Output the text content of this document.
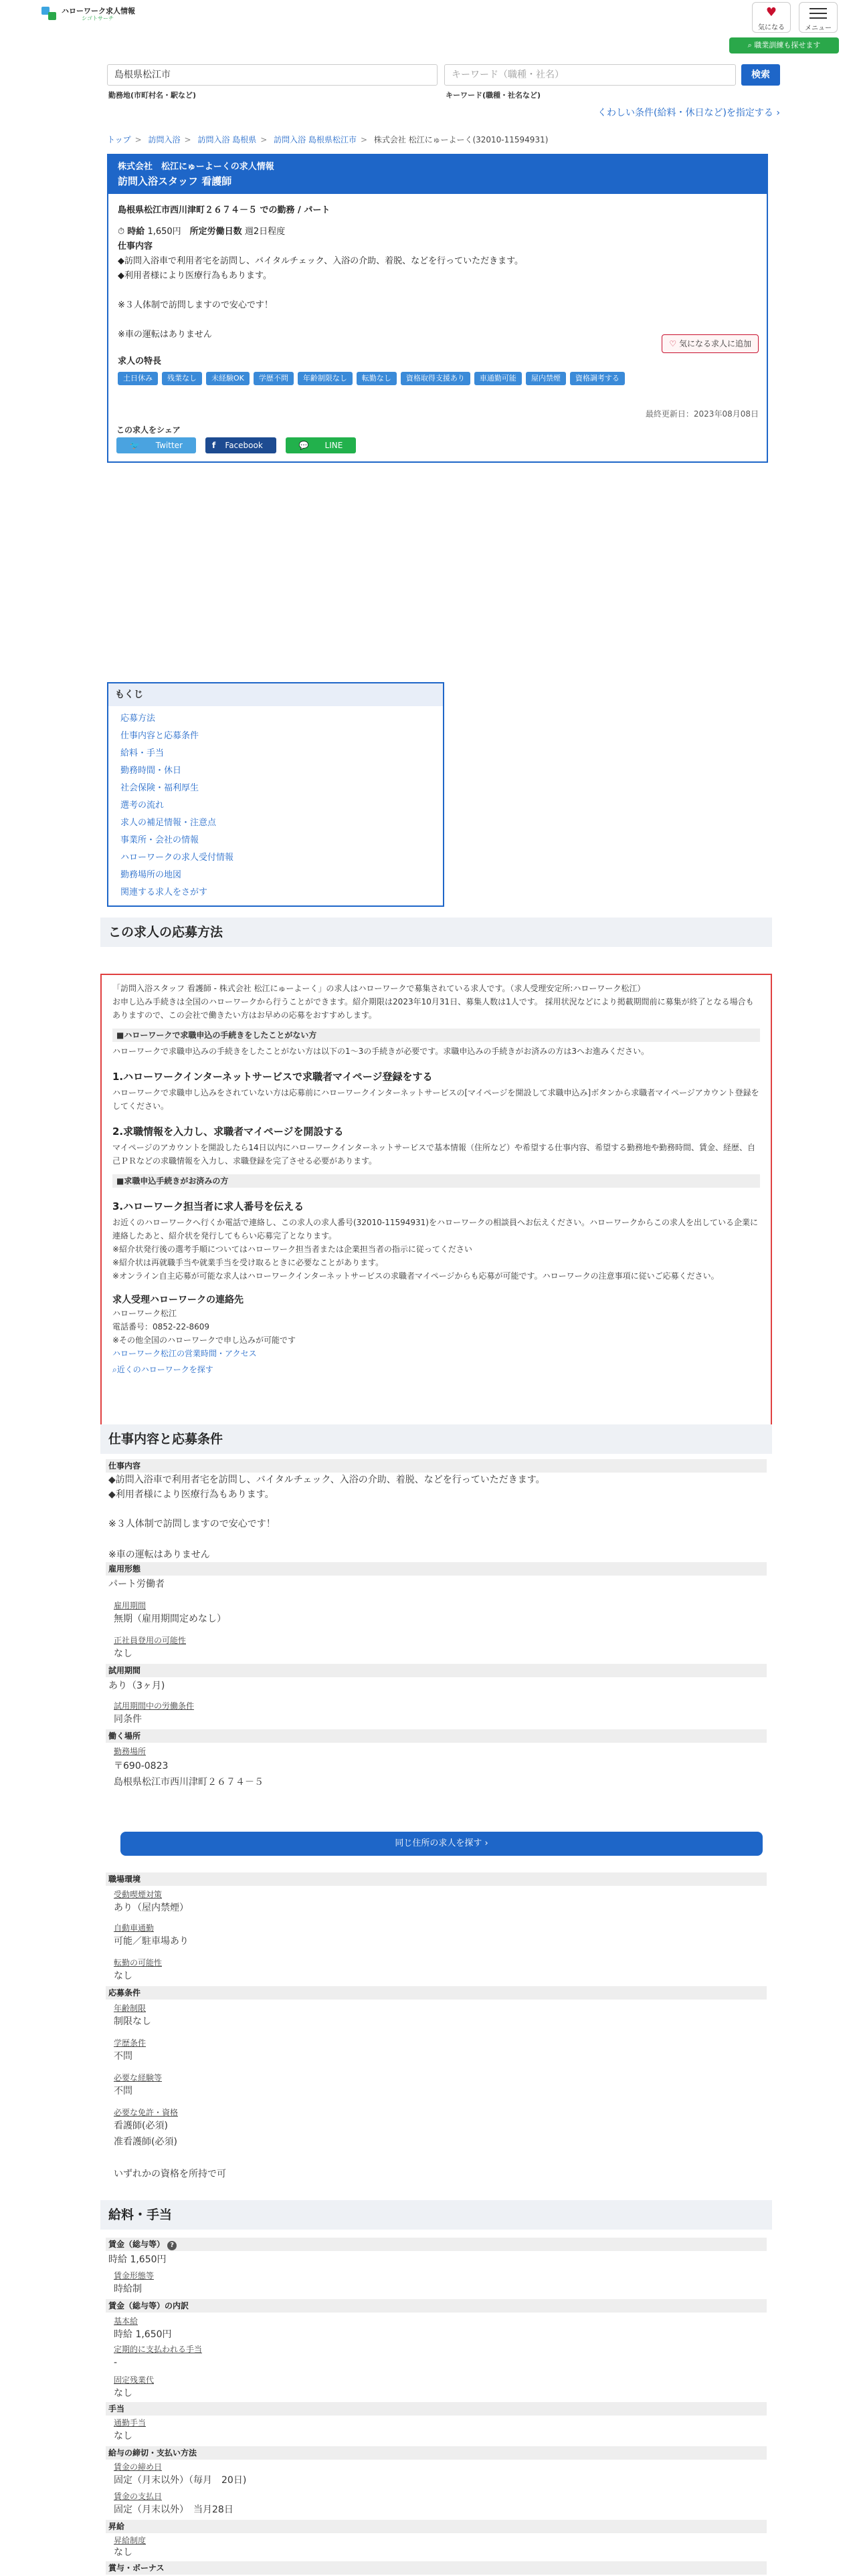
ハローワーク求人情報
シゴトサーチ	♥
気になる	メニュー
⌕ 職業訓練も探せます
島根県松江市	キーワード（職種・社名）	検索
勤務地(市町村名・駅など)	キーワード(職種・社名など)
くわしい条件(給料・休日など)を指定する ›
トップ > 訪問入浴 > 訪問入浴 島根県 > 訪問入浴 島根県松江市 > 株式会社 松江にゅーよーく(32010-11594931)
株式会社　松江にゅーよーくの求人情報
訪問入浴スタッフ 看護師
島根県松江市西川津町２６７４－５ での勤務 / パート
⏱ 時給 1,650円　 所定労働日数 週2日程度
仕事内容
◆訪問入浴車で利用者宅を訪問し、バイタルチェック、入浴の介助、着脱、などを行っていただきます。
◆利用者様により医療行為もあります。
※３人体制で訪問しますので安心です！
※車の運転はありません
求人の特長
土日休み	残業なし	未経験OK	学歴不問	年齢制限なし	転勤なし	資格取得支援あり	車通勤可能	屋内禁煙	資格調考する
♡ 気になる求人に追加
最終更新日：2023年08月08日
この求人をシェア
🐦 Twitter	f Facebook	💬 LINE
もくじ
応募方法
仕事内容と応募条件
給料・手当
勤務時間・休日
社会保険・福利厚生
選考の流れ
求人の補足情報・注意点
事業所・会社の情報
ハローワークの求人受付情報
勤務場所の地図
関連する求人をさがす
この求人の応募方法
「訪問入浴スタッフ 看護師 - 株式会社 松江にゅーよーく」の求人はハローワークで募集されている求人です。（求人受理安定所:ハローワーク松江）
お申し込み手続きは全国のハローワークから行うことができます。紹介期限は2023年10月31日、募集人数は1人です。 採用状況などにより掲載期間前に募集が終了となる場合もありますので、この会社で働きたい方はお早めの応募をおすすめします。
■ハローワークで求職申込の手続きをしたことがない方
ハローワークで求職申込みの手続きをしたことがない方は以下の1〜3の手続きが必要です。求職申込みの手続きがお済みの方は3へお進みください。
1.ハローワークインターネットサービスで求職者マイページ登録をする
ハローワークで求職申し込みをされていない方は応募前にハローワークインターネットサービスの[マイページを開設して求職申込み]ボタンから求職者マイページアカウント登録をしてください。
2.求職情報を入力し、求職者マイページを開設する
マイページのアカウントを開設したら14日以内にハローワークインターネットサービスで基本情報（住所など）や希望する仕事内容、希望する勤務地や勤務時間、賃金、経歴、自己ＰＲなどの求職情報を入力し、求職登録を完了させる必要があります。
■求職申込手続きがお済みの方
3.ハローワーク担当者に求人番号を伝える
お近くのハローワークへ行くか電話で連絡し、この求人の求人番号(32010-11594931)をハローワークの相談員へお伝えください。ハローワークからこの求人を出している企業に連絡したあと、紹介状を発行してもらい応募完了となります。
※紹介状発行後の選考手順についてはハローワーク担当者または企業担当者の指示に従ってください
※紹介状は再就職手当や就業手当を受け取るときに必要なことがあります。
※オンライン自主応募が可能な求人はハローワークインターネットサービスの求職者マイページからも応募が可能です。ハローワークの注意事項に従いご応募ください。
求人受理ハローワークの連絡先
ハローワーク松江
電話番号：0852-22-8609
※その他全国のハローワークで申し込みが可能です
ハローワーク松江の営業時間・アクセス
⌕近くのハローワークを探す
仕事内容と応募条件
仕事内容
◆訪問入浴車で利用者宅を訪問し、バイタルチェック、入浴の介助、着脱、などを行っていただきます。
◆利用者様により医療行為もあります。
※３人体制で訪問しますので安心です！
※車の運転はありません
雇用形態
パート労働者
雇用期間
無期（雇用期間定めなし）
正社員登用の可能性
なし
試用期間
あり（3ヶ月)
試用期間中の労働条件
同条件
働く場所
勤務場所
〒690-0823
島根県松江市西川津町２６７４－５
同じ住所の求人を探す ›
職場環境
受動喫煙対策
あり（屋内禁煙）
自動車通勤
可能／駐車場あり
転勤の可能性
なし
応募条件
年齢制限
制限なし
学歴条件
不問
必要な経験等
不問
必要な免許・資格
看護師(必須)
准看護師(必須)
いずれかの資格を所持で可
給料・手当
賃金（総与等） ?
時給 1,650円
賃金形態等
時給制
賃金（総与等）の内訳
基本給
時給 1,650円
定期的に支払われる手当
-
固定残業代
なし
手当
通勤手当
なし
給与の締切・支払い方法
賃金の締め日
固定（月末以外）（毎月　20日)
賃金の支払日
固定（月末以外）　当月28日
昇給
昇給制度
なし
賞与・ボーナス
